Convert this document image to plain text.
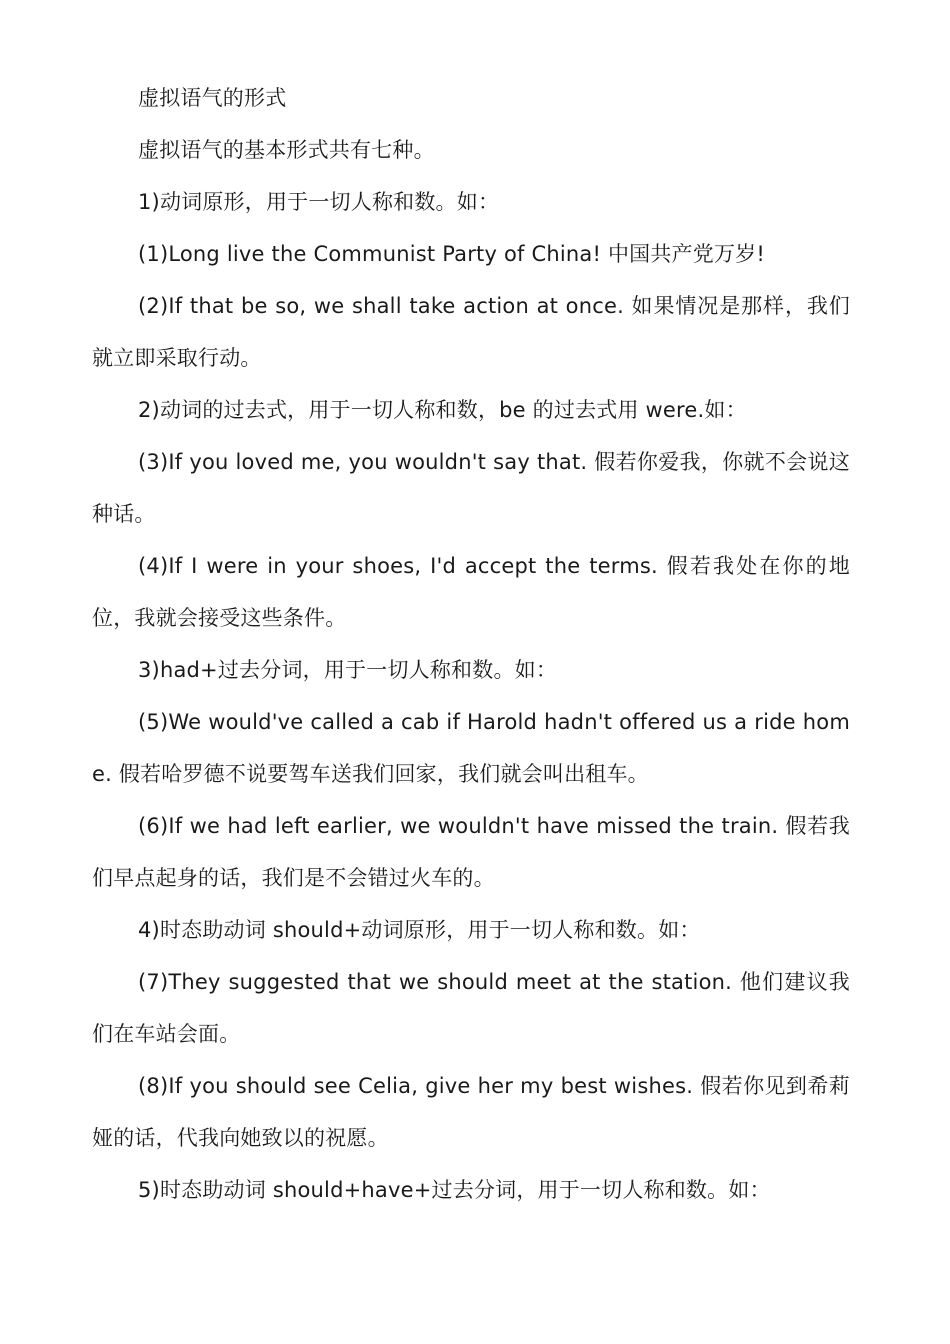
虚拟语气的形式

虚拟语气的基本形式共有七种。

1)动词原形，用于一切人称和数。如：

(1)Long live the Communist Party of China! 中国共产党万岁!

(2)If that be so, we shall take action at once. 如果情况是那样，我们就立即采取行动。

2)动词的过去式，用于一切人称和数，be 的过去式用 were.如：

(3)If you loved me, you wouldn't say that. 假若你爱我，你就不会说这种话。

(4)If I were in your shoes, I'd accept the terms. 假若我处在你的地位，我就会接受这些条件。

3)had+过去分词，用于一切人称和数。如：

(5)We would've called a cab if Harold hadn't offered us a ride home. 假若哈罗德不说要驾车送我们回家，我们就会叫出租车。

(6)If we had left earlier, we wouldn't have missed the train. 假若我们早点起身的话，我们是不会错过火车的。

4)时态助动词 should+动词原形，用于一切人称和数。如：

(7)They suggested that we should meet at the station. 他们建议我们在车站会面。

(8)If you should see Celia, give her my best wishes. 假若你见到希莉娅的话，代我向她致以的祝愿。

5)时态助动词 should+have+过去分词，用于一切人称和数。如：
